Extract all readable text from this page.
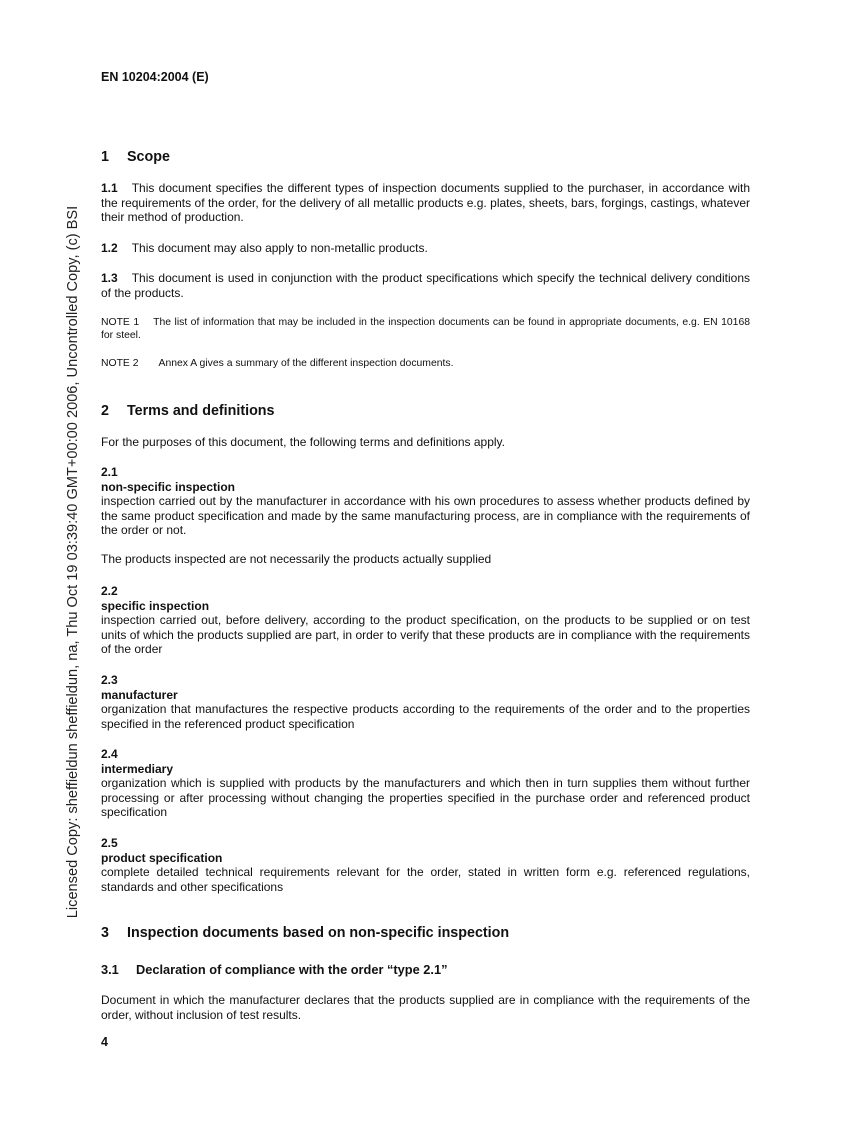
Licensed Copy: sheffieldun sheffieldun, na, Thu Oct 19 03:39:40 GMT+00:00 2006, Uncontrolled Copy, (c) BSI
EN 10204:2004 (E)

1 Scope

1.1 This document specifies the different types of inspection documents supplied to the purchaser, in accordance with the requirements of the order, for the delivery of all metallic products e.g. plates, sheets, bars, forgings, castings, whatever their method of production.

1.2 This document may also apply to non-metallic products.

1.3 This document is used in conjunction with the product specifications which specify the technical delivery conditions of the products.

NOTE 1 The list of information that may be included in the inspection documents can be found in appropriate documents, e.g. EN 10168 for steel.

NOTE 2 Annex A gives a summary of the different inspection documents.

2 Terms and definitions

For the purposes of this document, the following terms and definitions apply.

2.1

non-specific inspection

inspection carried out by the manufacturer in accordance with his own procedures to assess whether products defined by the same product specification and made by the same manufacturing process, are in compliance with the requirements of the order or not.

The products inspected are not necessarily the products actually supplied

2.2

specific inspection

inspection carried out, before delivery, according to the product specification, on the products to be supplied or on test units of which the products supplied are part, in order to verify that these products are in compliance with the requirements of the order

2.3

manufacturer

organization that manufactures the respective products according to the requirements of the order and to the properties specified in the referenced product specification

2.4

intermediary

organization which is supplied with products by the manufacturers and which then in turn supplies them without further processing or after processing without changing the properties specified in the purchase order and referenced product specification

2.5

product specification

complete detailed technical requirements relevant for the order, stated in written form e.g. referenced regulations, standards and other specifications

3 Inspection documents based on non-specific inspection

3.1 Declaration of compliance with the order “type 2.1”

Document in which the manufacturer declares that the products supplied are in compliance with the requirements of the order, without inclusion of test results.

4
